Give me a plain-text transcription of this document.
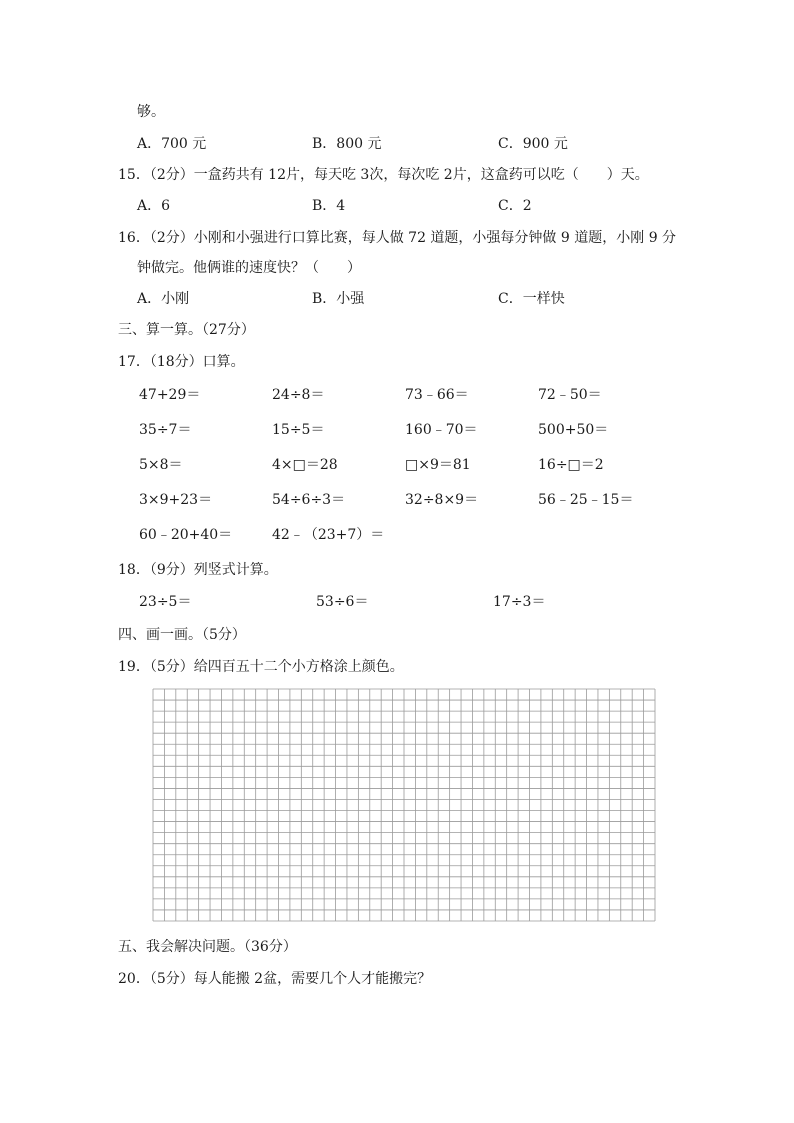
够。
A．700 元	B．800 元	C．900 元
15．（2分）一盒药共有 12片，每天吃 3次，每次吃 2片，这盒药可以吃（　　）天。
A．6	B．4	C．2
16．（2分）小刚和小强进行口算比赛，每人做 72 道题，小强每分钟做 9 道题，小刚 9 分
钟做完。他俩谁的速度快？（　　）
A．小刚	B．小强	C．一样快
三、算一算。（27分）
17．（18分）口算。
47+29＝	24÷8＝	73﹣66＝	72﹣50＝
35÷7＝	15÷5＝	160﹣70＝	500+50＝
5×8＝	4×□＝28	□×9＝81	16÷□＝2
3×9+23＝	54÷6÷3＝	32÷8×9＝	56﹣25﹣15＝
60﹣20+40＝	42﹣（23+7）＝
18．（9分）列竖式计算。
23÷5＝	53÷6＝	17÷3＝
四、画一画。（5分）
19．（5分）给四百五十二个小方格涂上颜色。
五、我会解决问题。（36分）
20．（5分）每人能搬 2盆，需要几个人才能搬完？
